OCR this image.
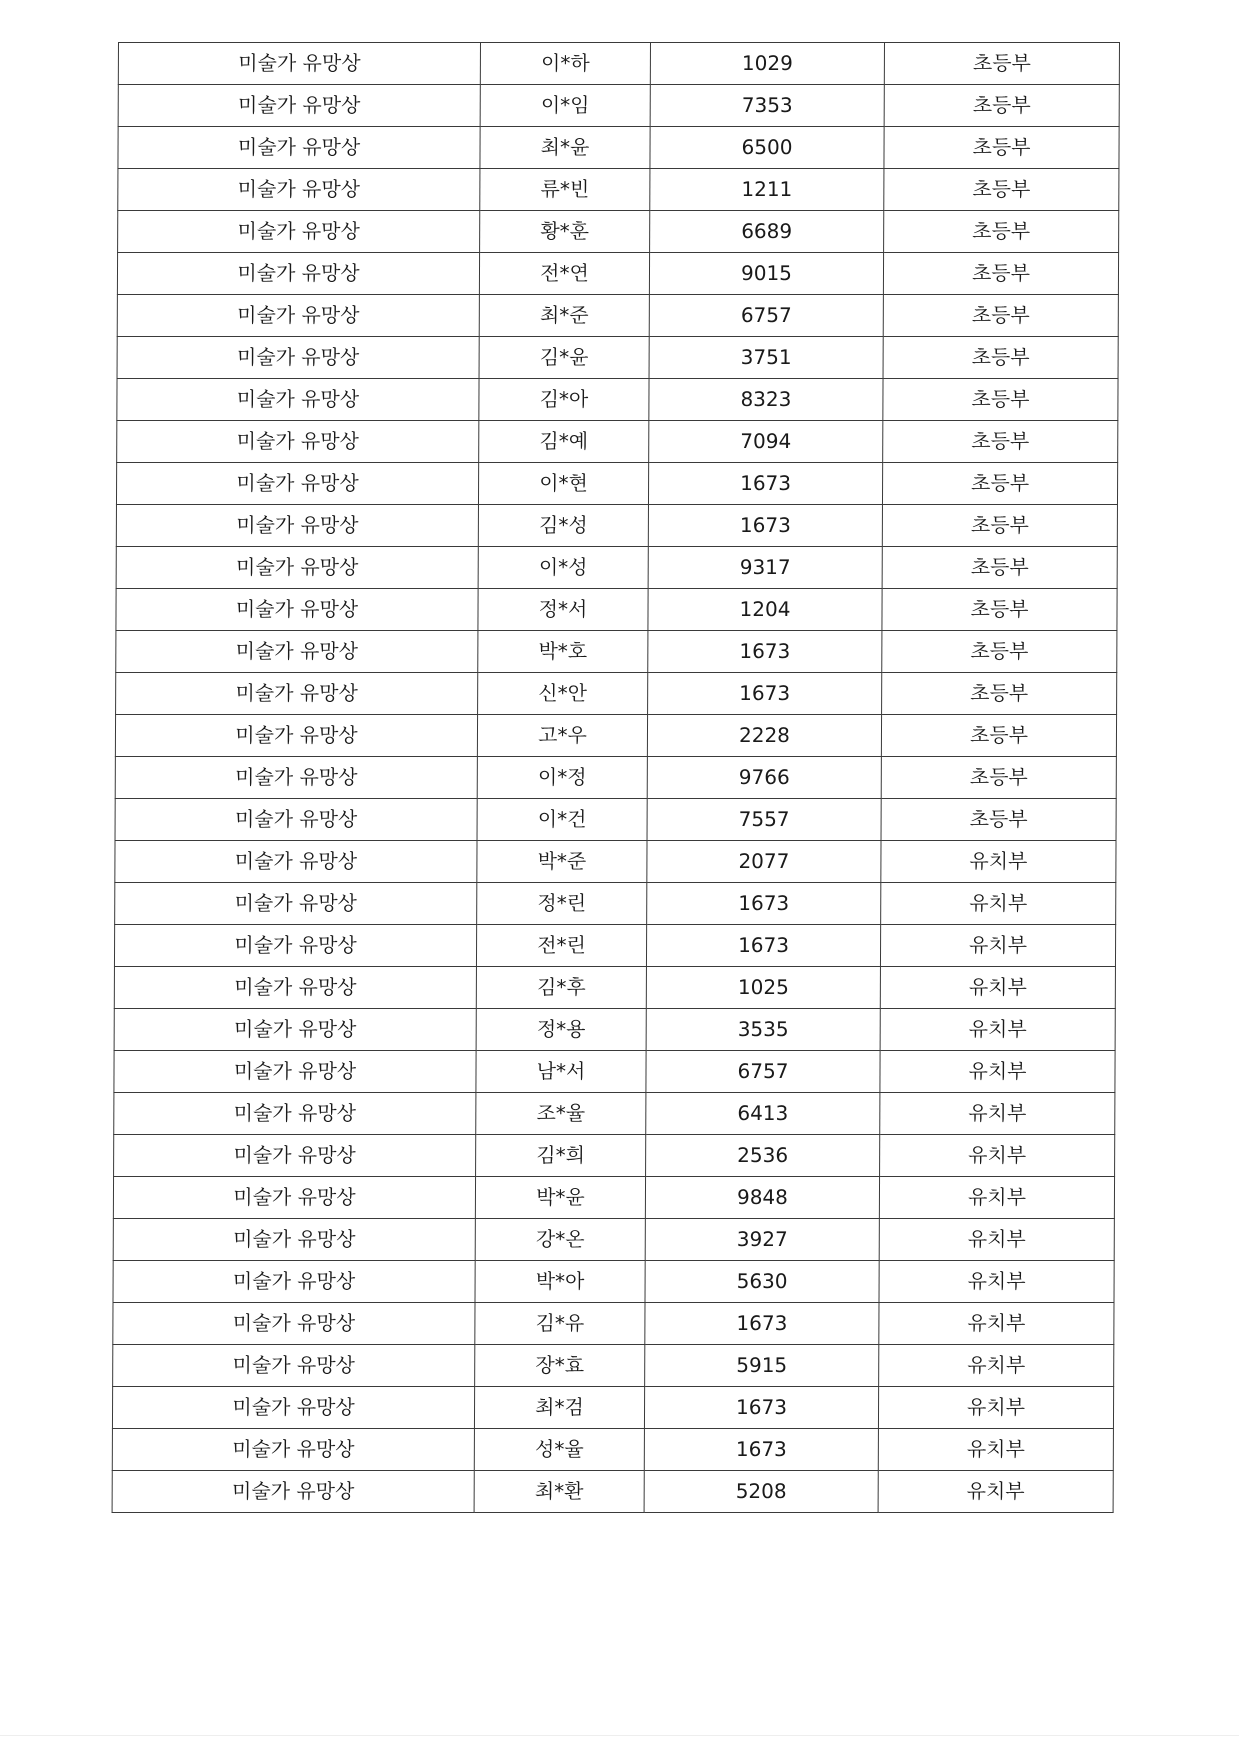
미술가 유망상	이*하	1029	초등부
미술가 유망상	이*임	7353	초등부
미술가 유망상	최*윤	6500	초등부
미술가 유망상	류*빈	1211	초등부
미술가 유망상	황*훈	6689	초등부
미술가 유망상	전*연	9015	초등부
미술가 유망상	최*준	6757	초등부
미술가 유망상	김*윤	3751	초등부
미술가 유망상	김*아	8323	초등부
미술가 유망상	김*예	7094	초등부
미술가 유망상	이*현	1673	초등부
미술가 유망상	김*성	1673	초등부
미술가 유망상	이*성	9317	초등부
미술가 유망상	정*서	1204	초등부
미술가 유망상	박*호	1673	초등부
미술가 유망상	신*안	1673	초등부
미술가 유망상	고*우	2228	초등부
미술가 유망상	이*정	9766	초등부
미술가 유망상	이*건	7557	초등부
미술가 유망상	박*준	2077	유치부
미술가 유망상	정*린	1673	유치부
미술가 유망상	전*린	1673	유치부
미술가 유망상	김*후	1025	유치부
미술가 유망상	정*용	3535	유치부
미술가 유망상	남*서	6757	유치부
미술가 유망상	조*율	6413	유치부
미술가 유망상	김*희	2536	유치부
미술가 유망상	박*윤	9848	유치부
미술가 유망상	강*온	3927	유치부
미술가 유망상	박*아	5630	유치부
미술가 유망상	김*유	1673	유치부
미술가 유망상	장*효	5915	유치부
미술가 유망상	최*검	1673	유치부
미술가 유망상	성*율	1673	유치부
미술가 유망상	최*환	5208	유치부
